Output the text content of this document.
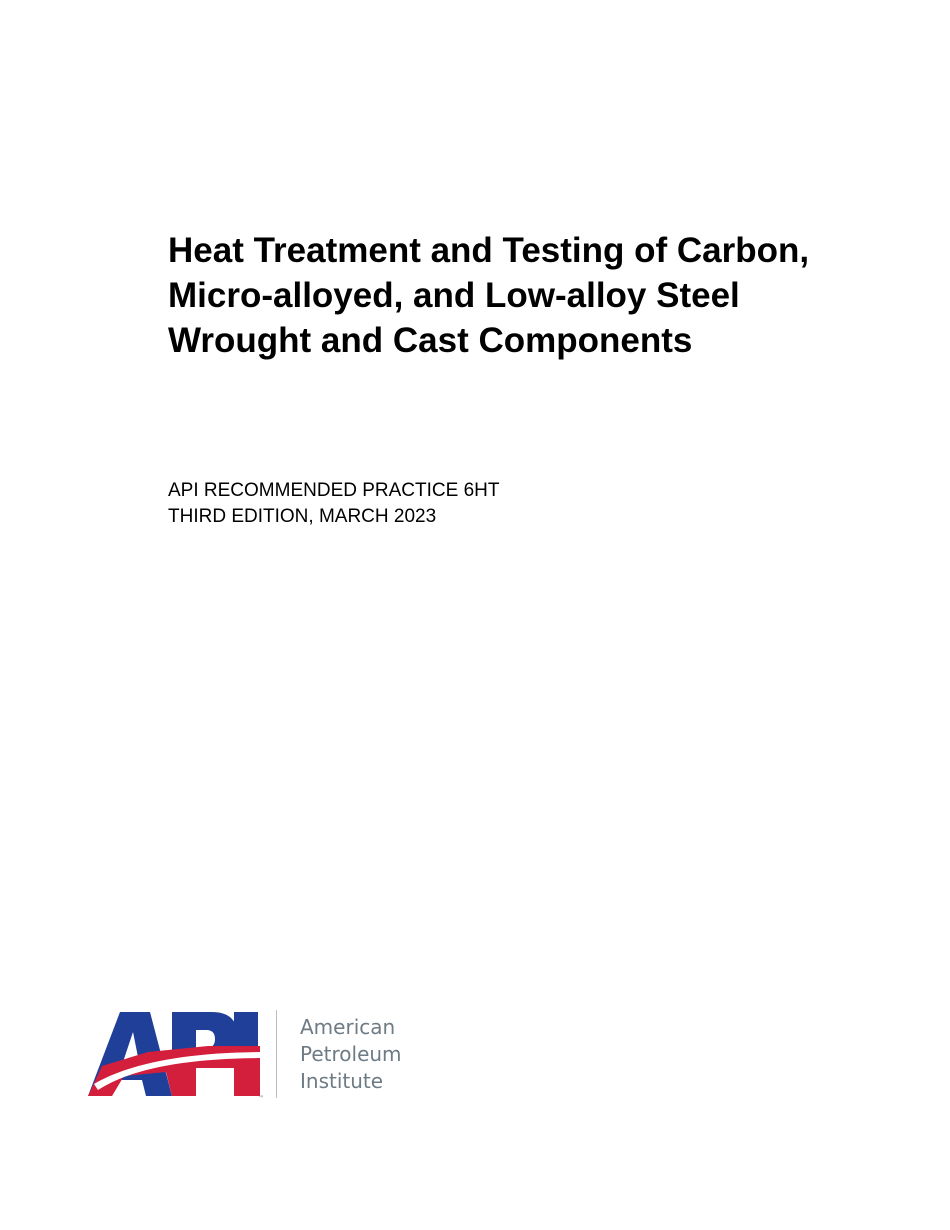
Heat Treatment and Testing of Carbon,
Micro-alloyed, and Low-alloy Steel
Wrought and Cast Components
API RECOMMENDED PRACTICE 6HT
THIRD EDITION, MARCH 2023
™
American
Petroleum
Institute
